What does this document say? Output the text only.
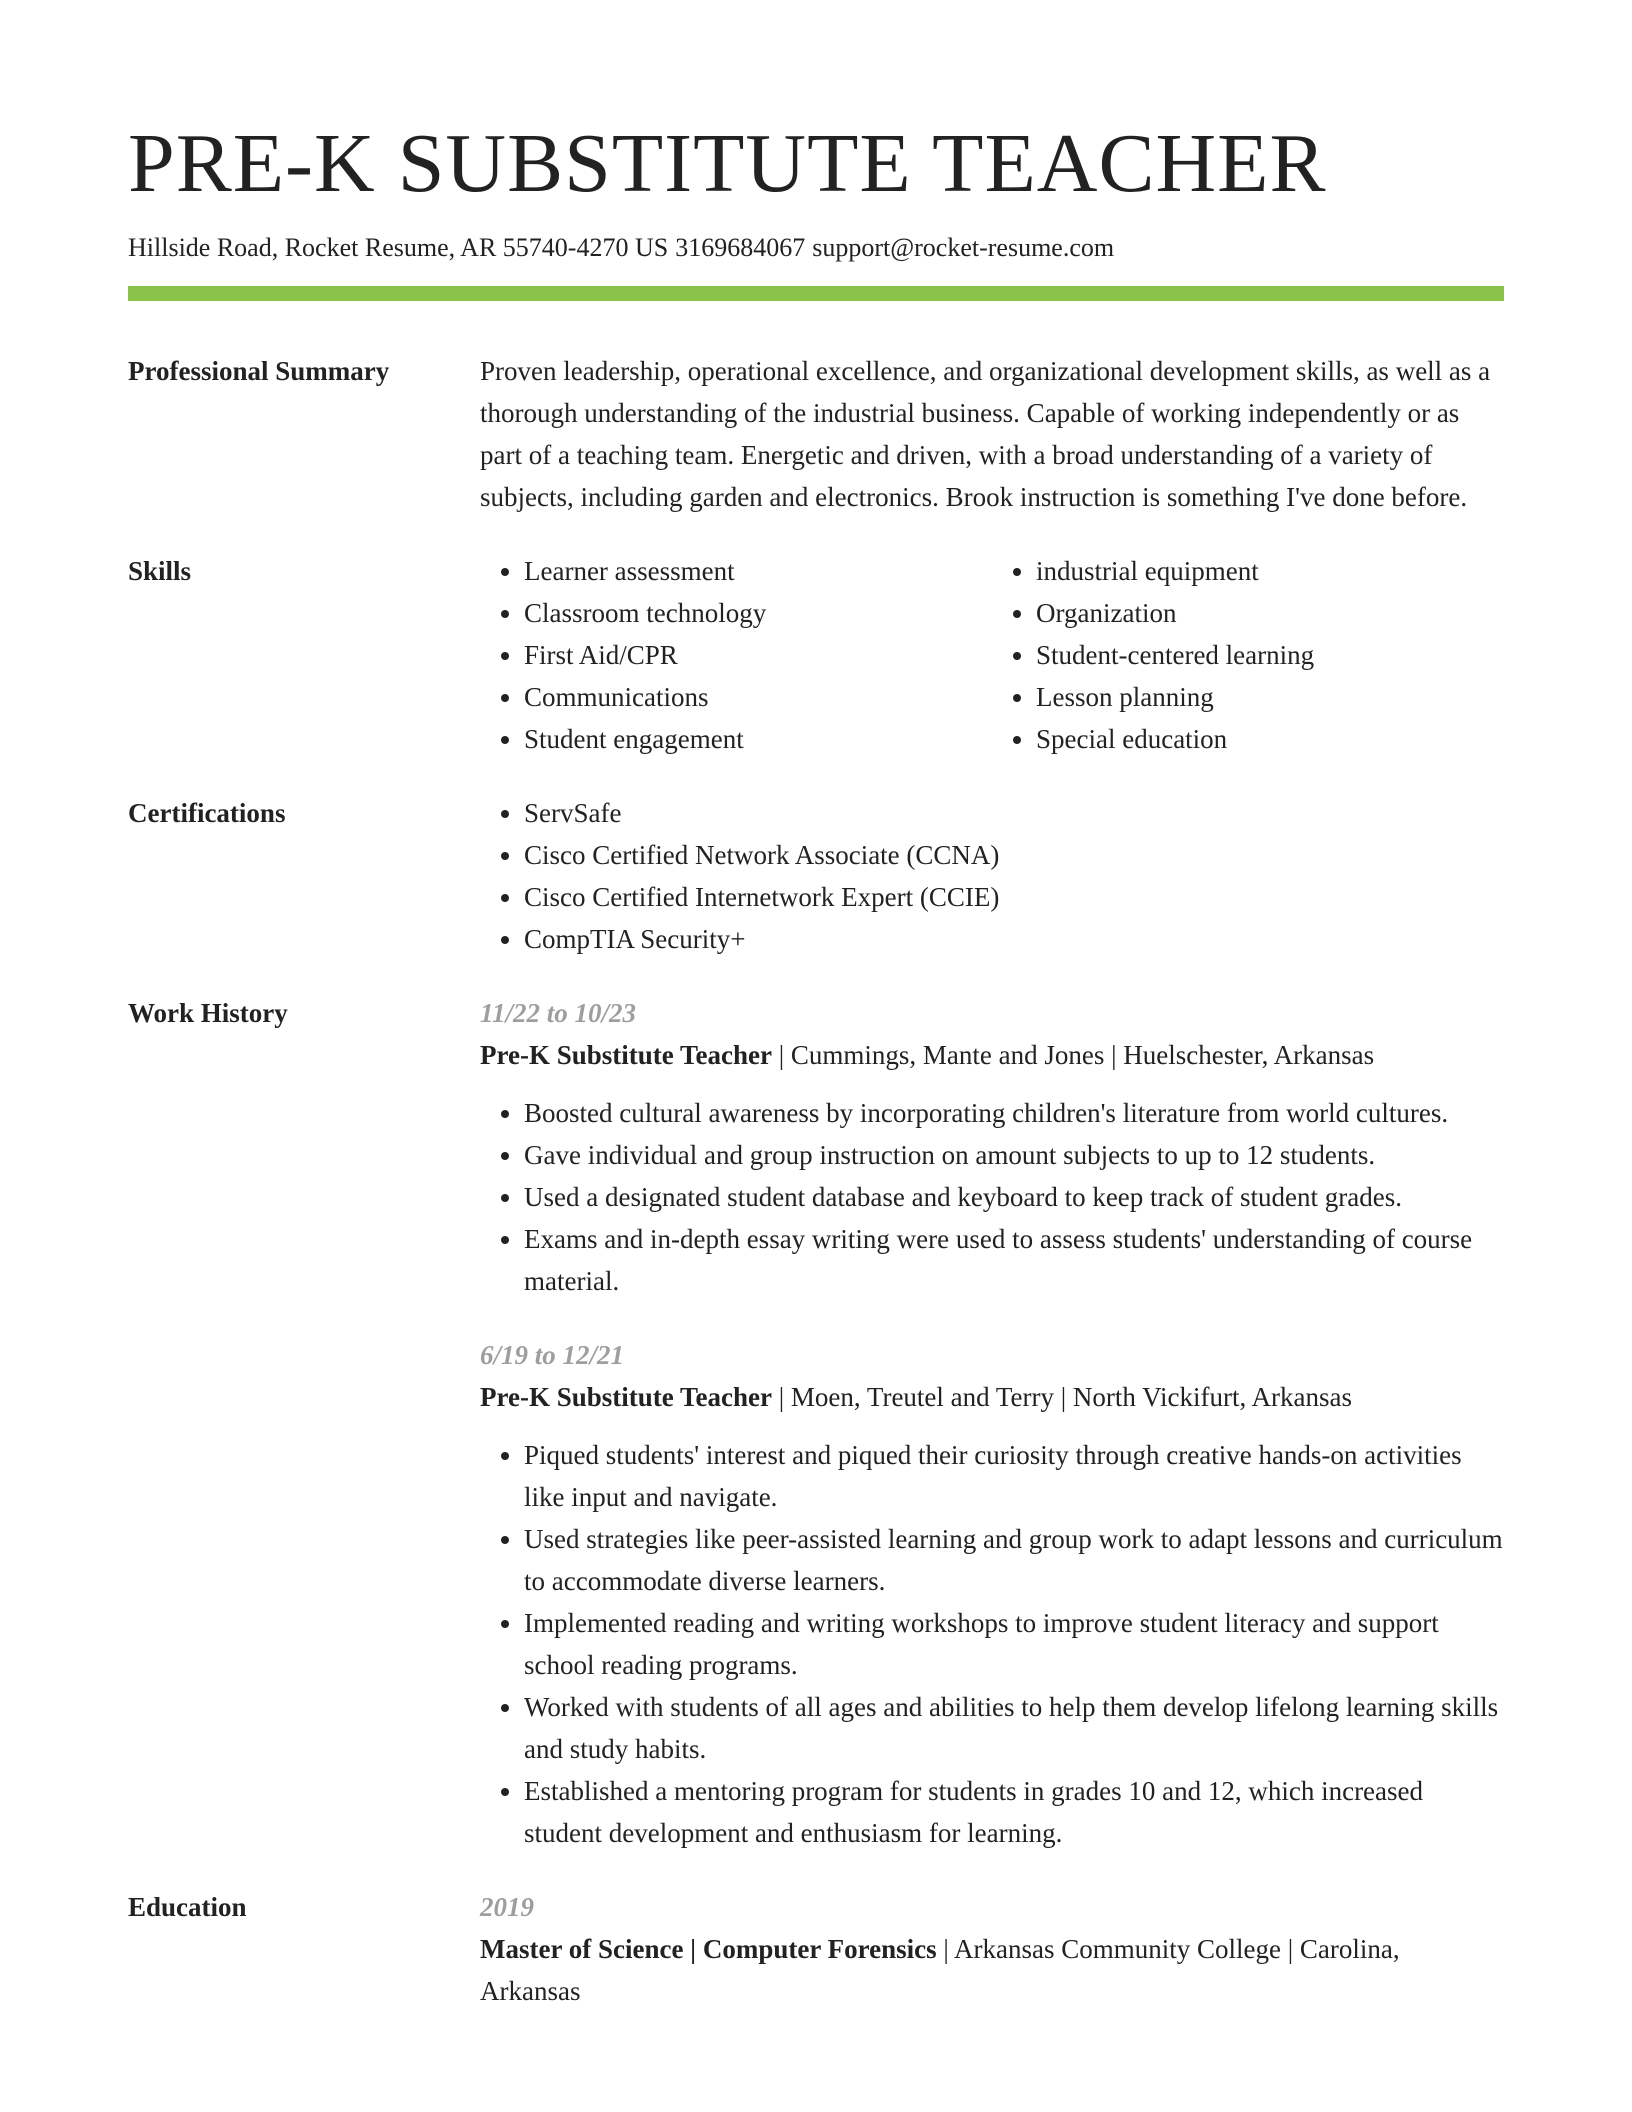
PRE-K SUBSTITUTE TEACHER
Hillside Road, Rocket Resume, AR 55740-4270 US 3169684067 support@rocket-resume.com
Professional Summary	Proven leadership, operational excellence, and organizational development skills, as well as a thorough understanding of the industrial business. Capable of working independently or as part of a teaching team. Energetic and driven, with a broad understanding of a variety of subjects, including garden and electronics. Brook instruction is something I've done before.

Skills	• Learner assessment
• Classroom technology
• First Aid/CPR
• Communications
• Student engagement
• industrial equipment
• Organization
• Student-centered learning
• Lesson planning
• Special education
Certifications	• ServSafe
• Cisco Certified Network Associate (CCNA)
• Cisco Certified Internetwork Expert (CCIE)
• CompTIA Security+
Work History	11/22 to 10/23
Pre-K Substitute Teacher | Cummings, Mante and Jones | Huelschester, Arkansas
• Boosted cultural awareness by incorporating children's literature from world cultures.
• Gave individual and group instruction on amount subjects to up to 12 students.
• Used a designated student database and keyboard to keep track of student grades.
• Exams and in-depth essay writing were used to assess students' understanding of course material.
6/19 to 12/21
Pre-K Substitute Teacher | Moen, Treutel and Terry | North Vickifurt, Arkansas
• Piqued students' interest and piqued their curiosity through creative hands-on activities like input and navigate.
• Used strategies like peer-assisted learning and group work to adapt lessons and curriculum to accommodate diverse learners.
• Implemented reading and writing workshops to improve student literacy and support school reading programs.
• Worked with students of all ages and abilities to help them develop lifelong learning skills and study habits.
• Established a mentoring program for students in grades 10 and 12, which increased student development and enthusiasm for learning.
Education	2019
Master of Science | Computer Forensics | Arkansas Community College | Carolina, Arkansas
